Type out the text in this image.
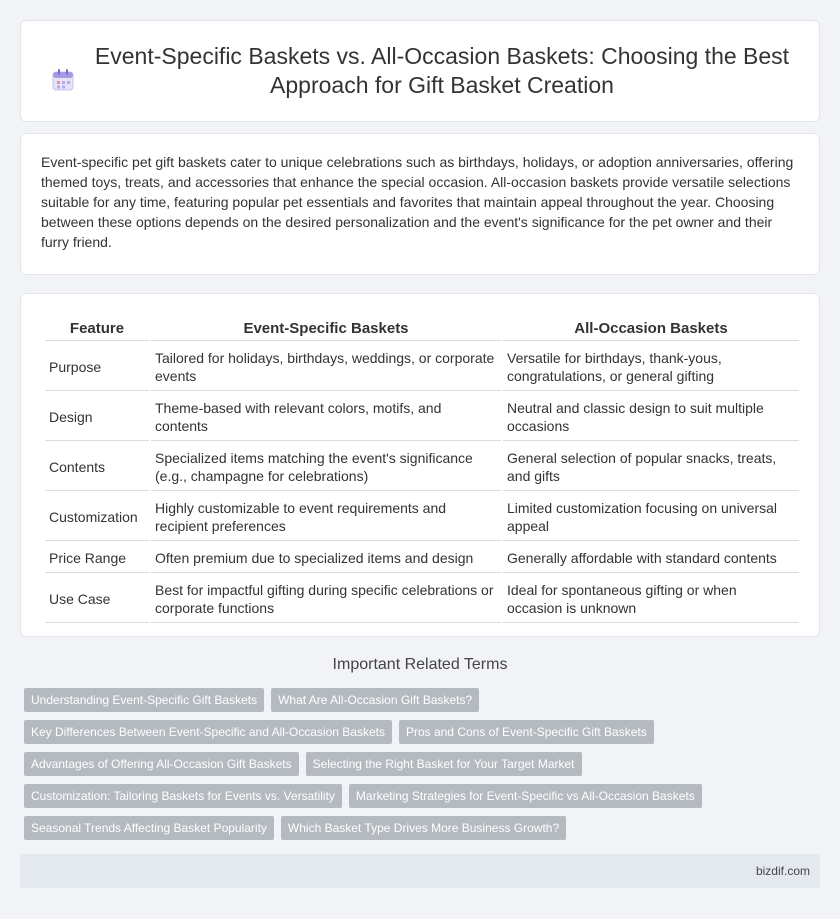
Event-Specific Baskets vs. All-Occasion Baskets: Choosing the Best Approach for Gift Basket Creation
Event-specific pet gift baskets cater to unique celebrations such as birthdays, holidays, or adoption anniversaries, offering themed toys, treats, and accessories that enhance the special occasion. All-occasion baskets provide versatile selections suitable for any time, featuring popular pet essentials and favorites that maintain appeal throughout the year. Choosing between these options depends on the desired personalization and the event's significance for the pet owner and their furry friend.
Feature	Event-Specific Baskets	All-Occasion Baskets
Purpose	Tailored for holidays, birthdays, weddings, or corporate events	Versatile for birthdays, thank-yous, congratulations, or general gifting
Design	Theme-based with relevant colors, motifs, and contents	Neutral and classic design to suit multiple occasions
Contents	Specialized items matching the event's significance (e.g., champagne for celebrations)	General selection of popular snacks, treats, and gifts
Customization	Highly customizable to event requirements and recipient preferences	Limited customization focusing on universal appeal
Price Range	Often premium due to specialized items and design	Generally affordable with standard contents
Use Case	Best for impactful gifting during specific celebrations or corporate functions	Ideal for spontaneous gifting or when occasion is unknown
Important Related Terms
Understanding Event-Specific Gift Baskets	What Are All-Occasion Gift Baskets?
Key Differences Between Event-Specific and All-Occasion Baskets	Pros and Cons of Event-Specific Gift Baskets
Advantages of Offering All-Occasion Gift Baskets	Selecting the Right Basket for Your Target Market
Customization: Tailoring Baskets for Events vs. Versatility	Marketing Strategies for Event-Specific vs All-Occasion Baskets
Seasonal Trends Affecting Basket Popularity	Which Basket Type Drives More Business Growth?
bizdif.com
